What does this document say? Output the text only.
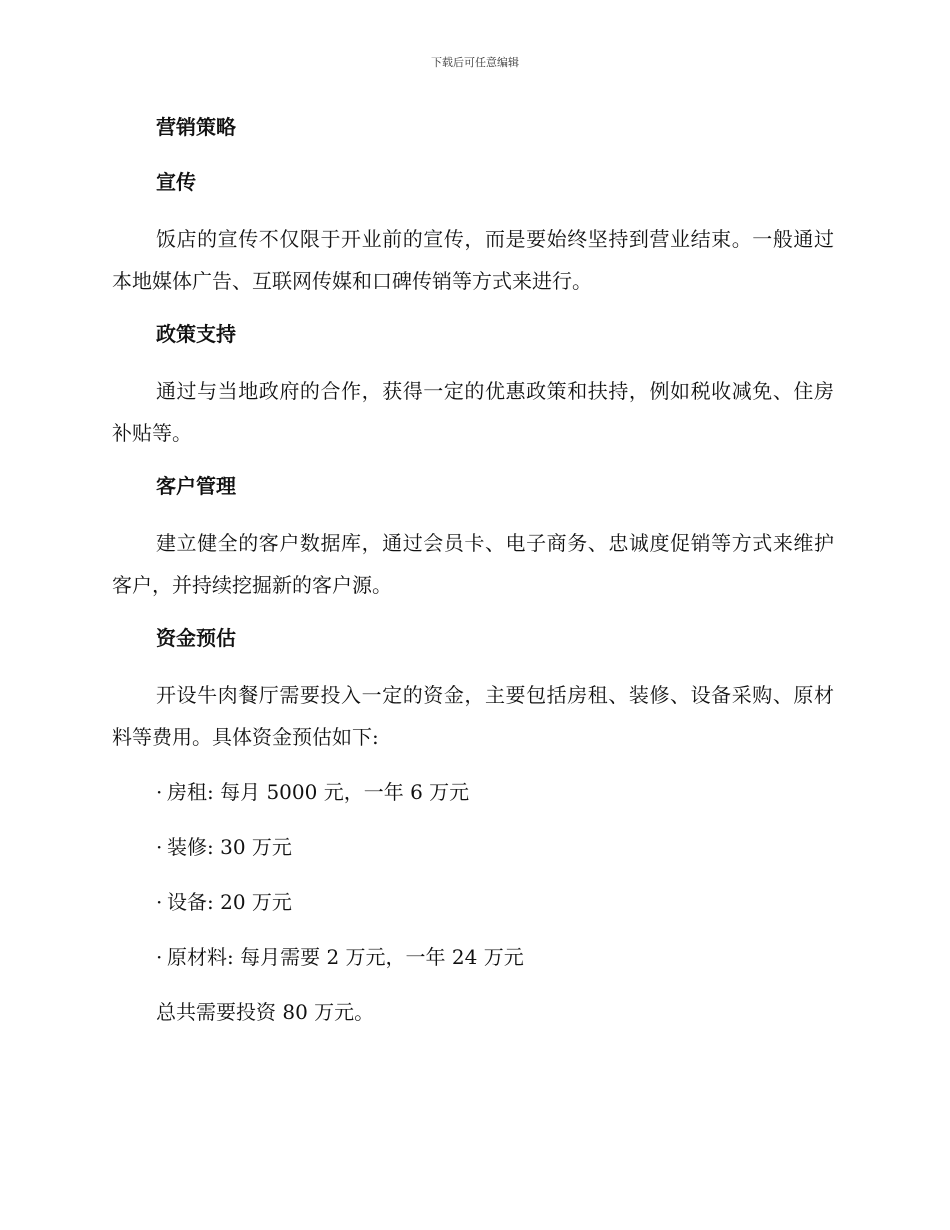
下载后可任意编辑
营销策略
宣传

饭店的宣传不仅限于开业前的宣传，而是要始终坚持到营业结束。一般通过本地媒体广告、互联网传媒和口碑传销等方式来进行。

政策支持

通过与当地政府的合作，获得一定的优惠政策和扶持，例如税收减免、住房补贴等。

客户管理

建立健全的客户数据库，通过会员卡、电子商务、忠诚度促销等方式来维护客户，并持续挖掘新的客户源。

资金预估

开设牛肉餐厅需要投入一定的资金，主要包括房租、装修、设备采购、原材料等费用。具体资金预估如下:

· 房租: 每月 5000 元，一年 6 万元
· 装修: 30 万元
· 设备: 20 万元
· 原材料: 每月需要 2 万元，一年 24 万元

总共需要投资 80 万元。
